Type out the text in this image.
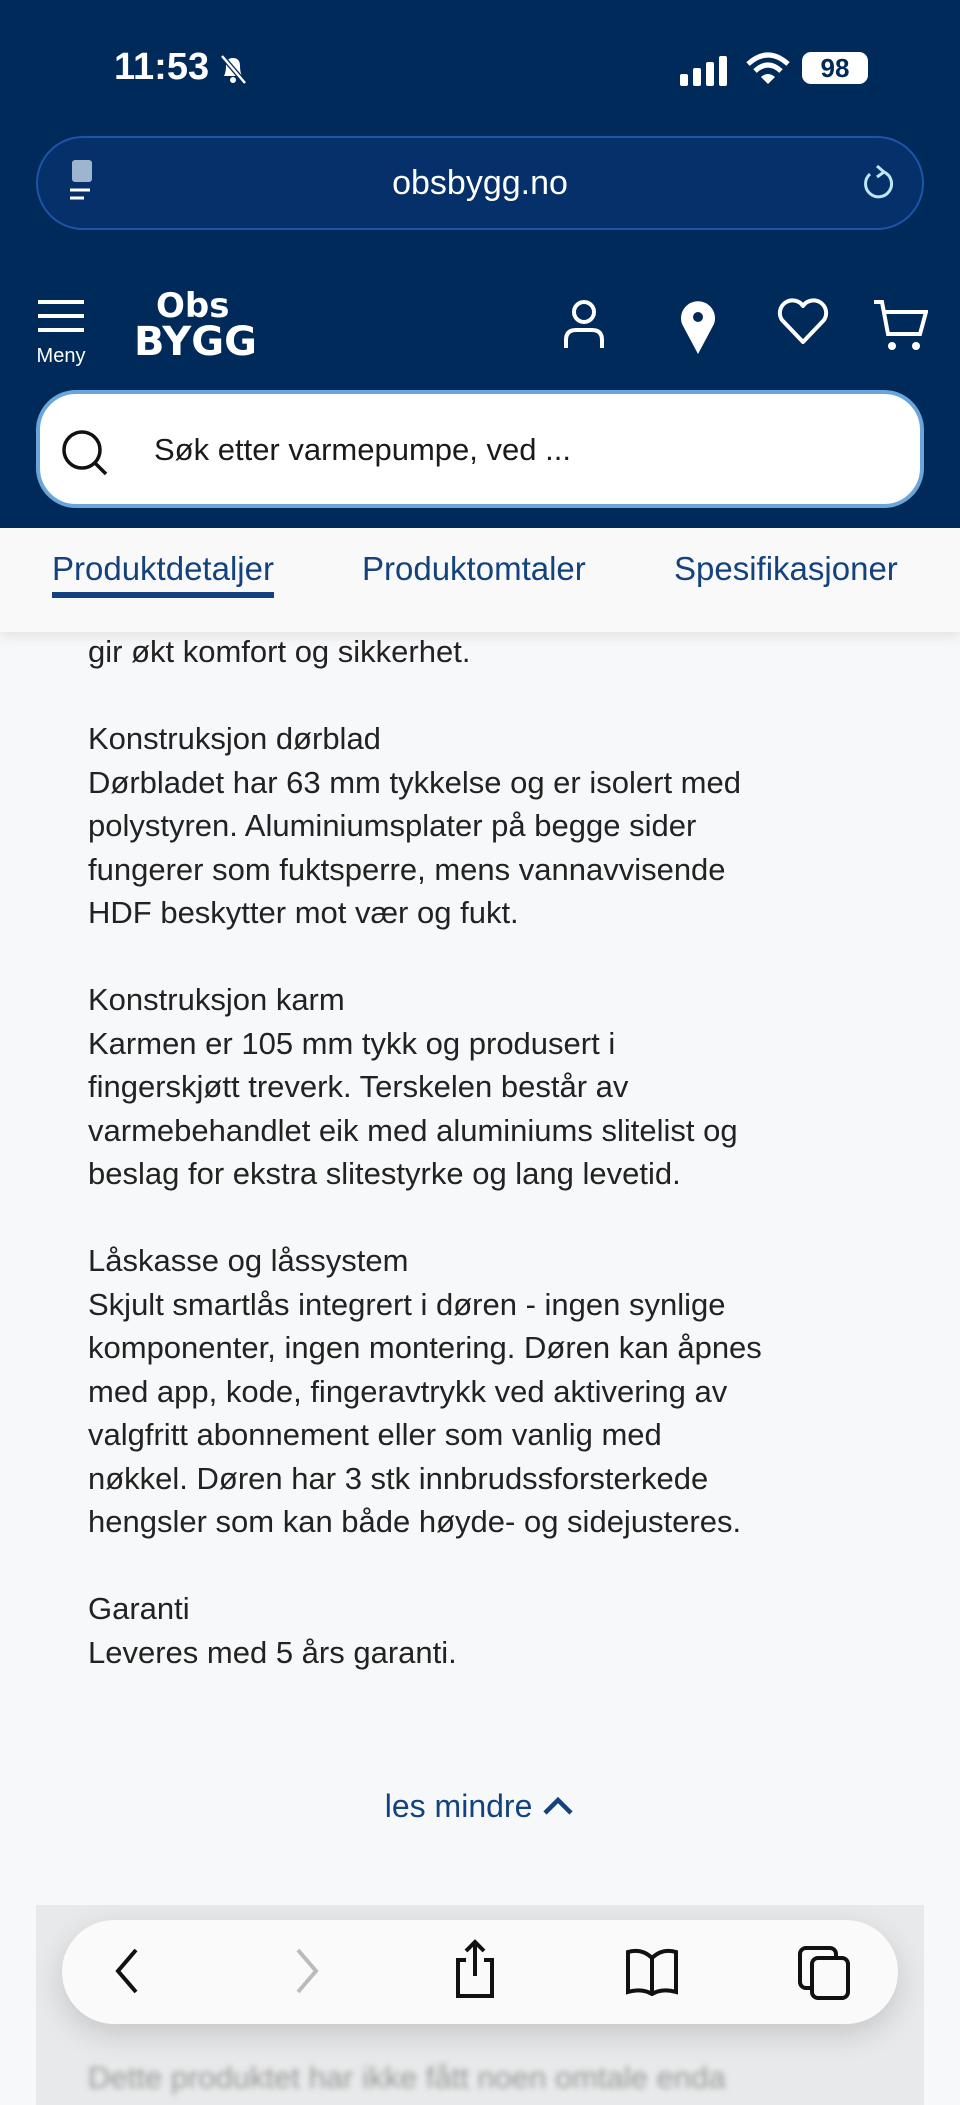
11:53	98
obsbygg.no
Meny
Obs
BYGG
Søk etter varmepumpe, ved ...
Produktdetaljer	Produktomtaler	Spesifikasjoner
gir økt komfort og sikkerhet.
Konstruksjon dørblad
Dørbladet har 63 mm tykkelse og er isolert med
polystyren. Aluminiumsplater på begge sider
fungerer som fuktsperre, mens vannavvisende
HDF beskytter mot vær og fukt.
Konstruksjon karm
Karmen er 105 mm tykk og produsert i
fingerskjøtt treverk. Terskelen består av
varmebehandlet eik med aluminiums slitelist og
beslag for ekstra slitestyrke og lang levetid.
Låskasse og låssystem
Skjult smartlås integrert i døren - ingen synlige
komponenter, ingen montering. Døren kan åpnes
med app, kode, fingeravtrykk ved aktivering av
valgfritt abonnement eller som vanlig med
nøkkel. Døren har 3 stk innbrudssforsterkede
hengsler som kan både høyde- og sidejusteres.
Garanti
Leveres med 5 års garanti.
les mindre
Dette produktet har ikke fått noen omtale enda
